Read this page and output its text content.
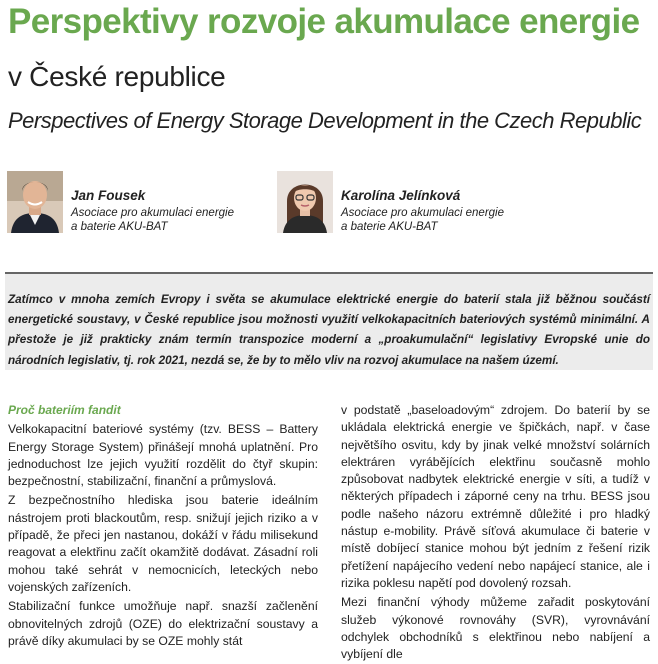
Perspektivy rozvoje akumulace energie
v České republice
Perspectives of Energy Storage Development in the Czech Republic
Jan Fousek
Asociace pro akumulaci energie
a baterie AKU-BAT
Karolína Jelínková
Asociace pro akumulaci energie
a baterie AKU-BAT

Zatímco v mnoha zemích Evropy i světa se akumulace elektrické energie do baterií stala již běžnou součástí energetické soustavy, v České republice jsou možnosti využití velkokapacitních bateriových systémů minimální. A přestože je již prakticky znám termín transpozice moderní a „proakumulační“ legislativy Evropské unie do národních legislativ, tj. rok 2021, nezdá se, že by to mělo vliv na rozvoj akumulace na našem území.

Proč bateriím fandit

Velkokapacitní bateriové systémy (tzv. BESS – Battery Energy Storage System) přinášejí mnohá uplatnění. Pro jednoduchost lze jejich využití rozdělit do čtyř skupin: bezpečnostní, stabilizační, finanční a průmyslová.

Z bezpečnostního hlediska jsou baterie ideálním nástrojem proti blackoutům, resp. snižují jejich riziko a v případě, že přeci jen nastanou, dokáží v řádu milisekund reagovat a elektřinu začít okamžitě dodávat. Zásadní roli mohou také sehrát v nemocnicích, leteckých nebo vojenských zařízeních.

Stabilizační funkce umožňuje např. snazší začlenění obnovitelných zdrojů (OZE) do elektrizační soustavy a právě díky akumulaci by se OZE mohly stát

v podstatě „baseloadovým“ zdrojem. Do baterií by se ukládala elektrická energie ve špičkách, např. v čase největšího osvitu, kdy by jinak velké množství solárních elektráren vyrábějících elektřinu současně mohlo způsobovat nadbytek elektrické energie v síti, a tudíž v některých případech i záporné ceny na trhu. BESS jsou podle našeho názoru extrémně důležité i pro hladký nástup e-mobility. Právě síťová akumulace či baterie v místě dobíjecí stanice mohou být jedním z řešení rizik přetížení napájecího vedení nebo napájecí stanice, ale i rizika poklesu napětí pod dovolený rozsah.

Mezi finanční výhody můžeme zařadit poskytování služeb výkonové rovnováhy (SVR), vyrovnávání odchylek obchodníků s elektřinou nebo nabíjení a vybíjení dle
